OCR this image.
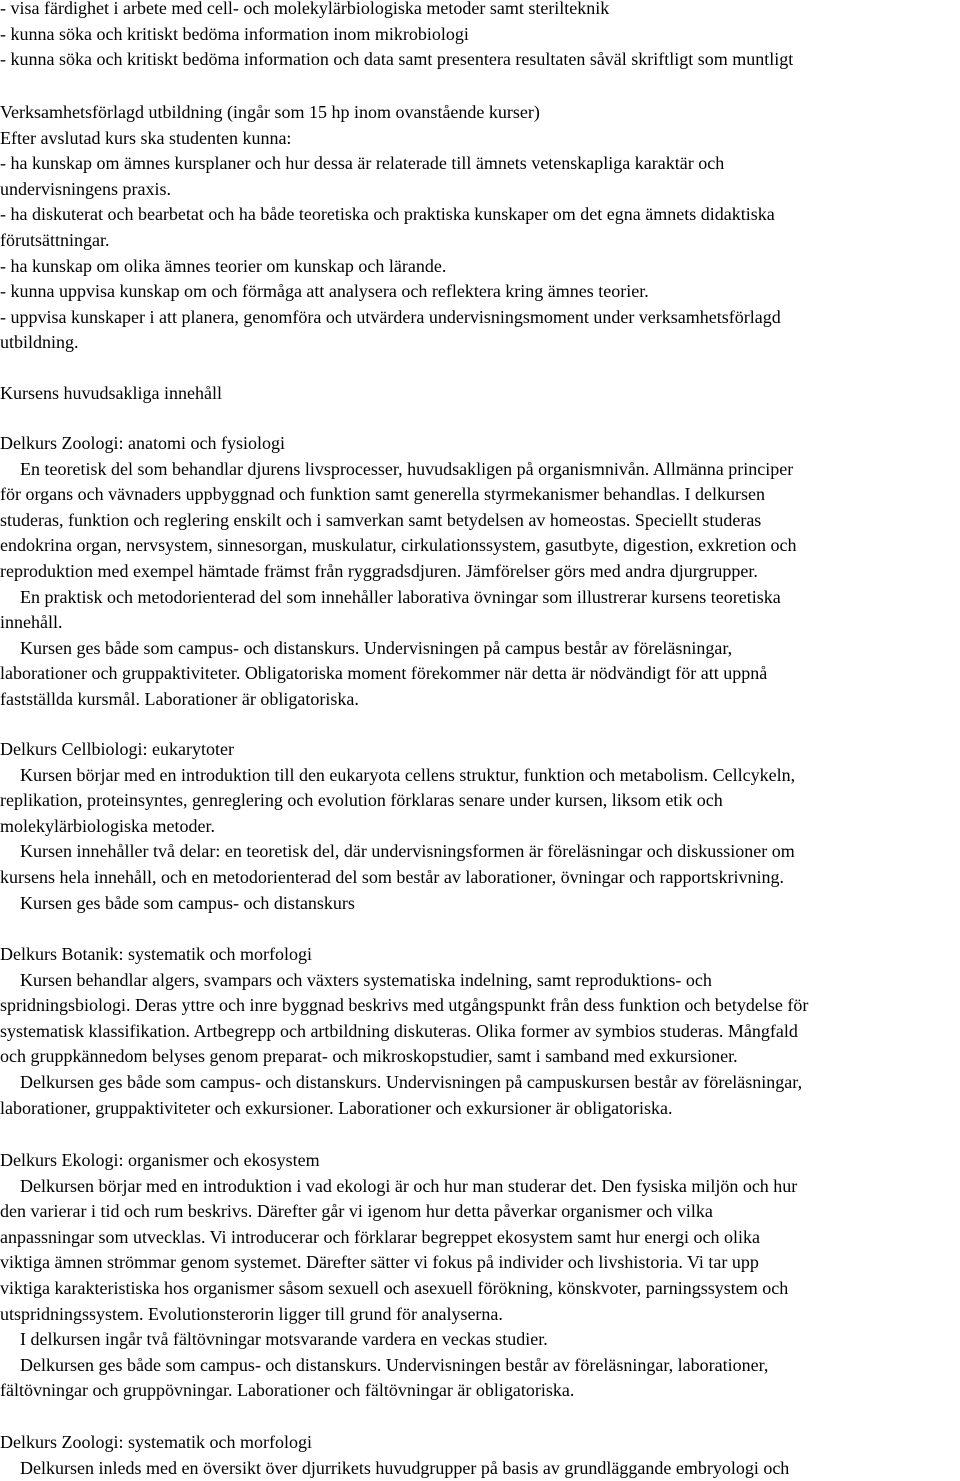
- visa färdighet i arbete med cell- och molekylärbiologiska metoder samt sterilteknik

- kunna söka och kritiskt bedöma information inom mikrobiologi

- kunna söka och kritiskt bedöma information och data samt presentera resultaten såväl skriftligt som muntligt

Verksamhetsförlagd utbildning (ingår som 15 hp inom ovanstående kurser)

Efter avslutad kurs ska studenten kunna:

- ha kunskap om ämnes kursplaner och hur dessa är relaterade till ämnets vetenskapliga karaktär och

undervisningens praxis.

- ha diskuterat och bearbetat och ha både teoretiska och praktiska kunskaper om det egna ämnets didaktiska

förutsättningar.

- ha kunskap om olika ämnes teorier om kunskap och lärande.

- kunna uppvisa kunskap om och förmåga att analysera och reflektera kring ämnes teorier.

- uppvisa kunskaper i att planera, genomföra och utvärdera undervisningsmoment under verksamhetsförlagd

utbildning.

Kursens huvudsakliga innehåll

Delkurs Zoologi: anatomi och fysiologi

En teoretisk del som behandlar djurens livsprocesser, huvudsakligen på organismnivån. Allmänna principer

för organs och vävnaders uppbyggnad och funktion samt generella styrmekanismer behandlas. I delkursen

studeras, funktion och reglering enskilt och i samverkan samt betydelsen av homeostas. Speciellt studeras

endokrina organ, nervsystem, sinnesorgan, muskulatur, cirkulationssystem, gasutbyte, digestion, exkretion och

reproduktion med exempel hämtade främst från ryggradsdjuren. Jämförelser görs med andra djurgrupper.

En praktisk och metodorienterad del som innehåller laborativa övningar som illustrerar kursens teoretiska

innehåll.

Kursen ges både som campus- och distanskurs. Undervisningen på campus består av föreläsningar,

laborationer och gruppaktiviteter. Obligatoriska moment förekommer när detta är nödvändigt för att uppnå

fastställda kursmål. Laborationer är obligatoriska.

Delkurs Cellbiologi: eukarytoter

Kursen börjar med en introduktion till den eukaryota cellens struktur, funktion och metabolism. Cellcykeln,

replikation, proteinsyntes, genreglering och evolution förklaras senare under kursen, liksom etik och

molekylärbiologiska metoder.

Kursen innehåller två delar: en teoretisk del, där undervisningsformen är föreläsningar och diskussioner om

kursens hela innehåll, och en metodorienterad del som består av laborationer, övningar och rapportskrivning.

Kursen ges både som campus- och distanskurs

Delkurs Botanik: systematik och morfologi

Kursen behandlar algers, svampars och växters systematiska indelning, samt reproduktions- och

spridningsbiologi. Deras yttre och inre byggnad beskrivs med utgångspunkt från dess funktion och betydelse för

systematisk klassifikation. Artbegrepp och artbildning diskuteras. Olika former av symbios studeras. Mångfald

och gruppkännedom belyses genom preparat- och mikroskopstudier, samt i samband med exkursioner.

Delkursen ges både som campus- och distanskurs. Undervisningen på campuskursen består av föreläsningar,

laborationer, gruppaktiviteter och exkursioner. Laborationer och exkursioner är obligatoriska.

Delkurs Ekologi: organismer och ekosystem

Delkursen börjar med en introduktion i vad ekologi är och hur man studerar det. Den fysiska miljön och hur

den varierar i tid och rum beskrivs. Därefter går vi igenom hur detta påverkar organismer och vilka

anpassningar som utvecklas. Vi introducerar och förklarar begreppet ekosystem samt hur energi och olika

viktiga ämnen strömmar genom systemet. Därefter sätter vi fokus på individer och livshistoria. Vi tar upp

viktiga karakteristiska hos organismer såsom sexuell och asexuell förökning, könskvoter, parningssystem och

utspridningssystem. Evolutionsterorin ligger till grund för analyserna.

I delkursen ingår två fältövningar motsvarande vardera en veckas studier.

Delkursen ges både som campus- och distanskurs. Undervisningen består av föreläsningar, laborationer,

fältövningar och gruppövningar. Laborationer och fältövningar är obligatoriska.

Delkurs Zoologi: systematik och morfologi

Delkursen inleds med en översikt över djurrikets huvudgrupper på basis av grundläggande embryologi och
